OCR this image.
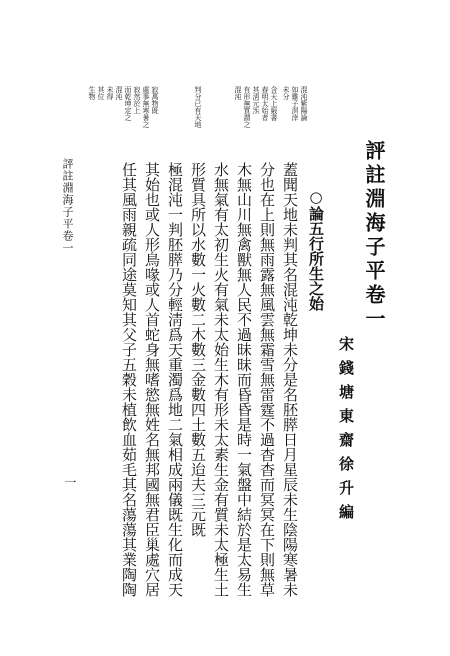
混沌紫陽論
如雞子溟涬
未分
含天上竅書
春明太始者
其淸元炁
有形無質謂之
混沌
判分已有天地
寂萬物既
處事無寒暑之
寂然於上
而乾坤定之
混沌
未得
其位
生物
評註淵海子平卷一
宋錢塘東齋徐升編
○論五行所生之始
蓋聞天地未判其名混沌乾坤未分是名胚膵日月星辰未生陰陽寒暑未
分也在上則無雨露無風雲無霜雪無雷霆不過杳杳而冥冥在下則無草
木無山川無禽獸無人民不過昧昧而昏昏是時一氣盤中結於是太易生
水無氣有太初生火有氣未太始生木有形未太素生金有質未太極生土
形質具所以水數一火數二木數三金數四土數五迨夫三元既
極混沌一判胚膵乃分輕淸爲天重濁爲地二氣相成兩儀既生化而成天
其始也或人形鳥喙或人首蛇身無嗜慾無姓名無邦國無君臣巢處穴居
任其風雨親疏同途莫知其父子五穀未植飲血茹毛其名蕩蕩其業陶陶
評註淵海子平卷一
一
